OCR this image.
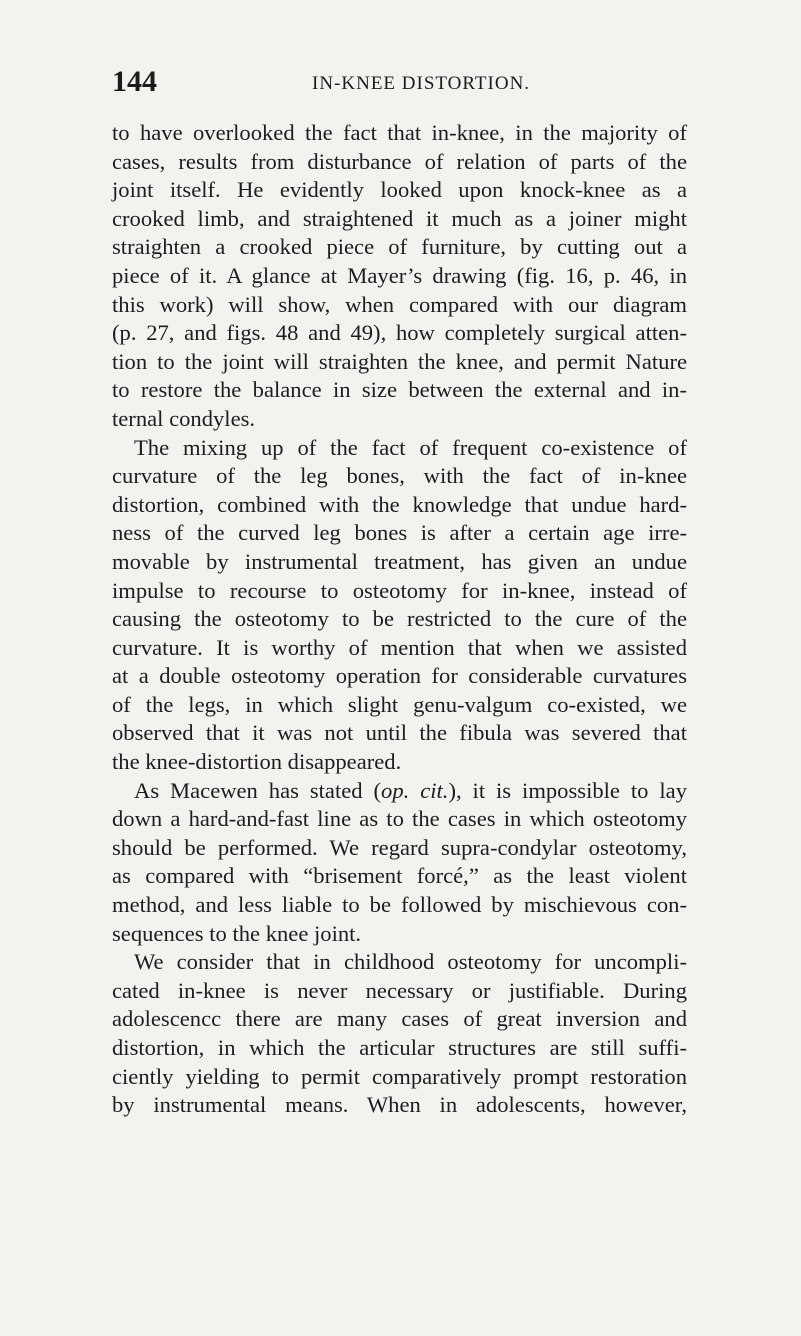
144	IN-KNEE DISTORTION.
to have overlooked the fact that in-knee, in the majority of
cases, results from disturbance of relation of parts of the
joint itself. He evidently looked upon knock-knee as a
crooked limb, and straightened it much as a joiner might
straighten a crooked piece of furniture, by cutting out a
piece of it. A glance at Mayer’s drawing (fig. 16, p. 46, in
this work) will show, when compared with our diagram
(p. 27, and figs. 48 and 49), how completely surgical atten-
tion to the joint will straighten the knee, and permit Nature
to restore the balance in size between the external and in-
ternal condyles.
The mixing up of the fact of frequent co-existence of
curvature of the leg bones, with the fact of in-knee
distortion, combined with the knowledge that undue hard-
ness of the curved leg bones is after a certain age irre-
movable by instrumental treatment, has given an undue
impulse to recourse to osteotomy for in-knee, instead of
causing the osteotomy to be restricted to the cure of the
curvature. It is worthy of mention that when we assisted
at a double osteotomy operation for considerable curvatures
of the legs, in which slight genu-valgum co-existed, we
observed that it was not until the fibula was severed that
the knee-distortion disappeared.
As Macewen has stated (op. cit.), it is impossible to lay
down a hard-and-fast line as to the cases in which osteotomy
should be performed. We regard supra-condylar osteotomy,
as compared with “brisement forcé,” as the least violent
method, and less liable to be followed by mischievous con-
sequences to the knee joint.
We consider that in childhood osteotomy for uncompli-
cated in-knee is never necessary or justifiable. During
adolescencc there are many cases of great inversion and
distortion, in which the articular structures are still suffi-
ciently yielding to permit comparatively prompt restoration
by instrumental means. When in adolescents, however,
